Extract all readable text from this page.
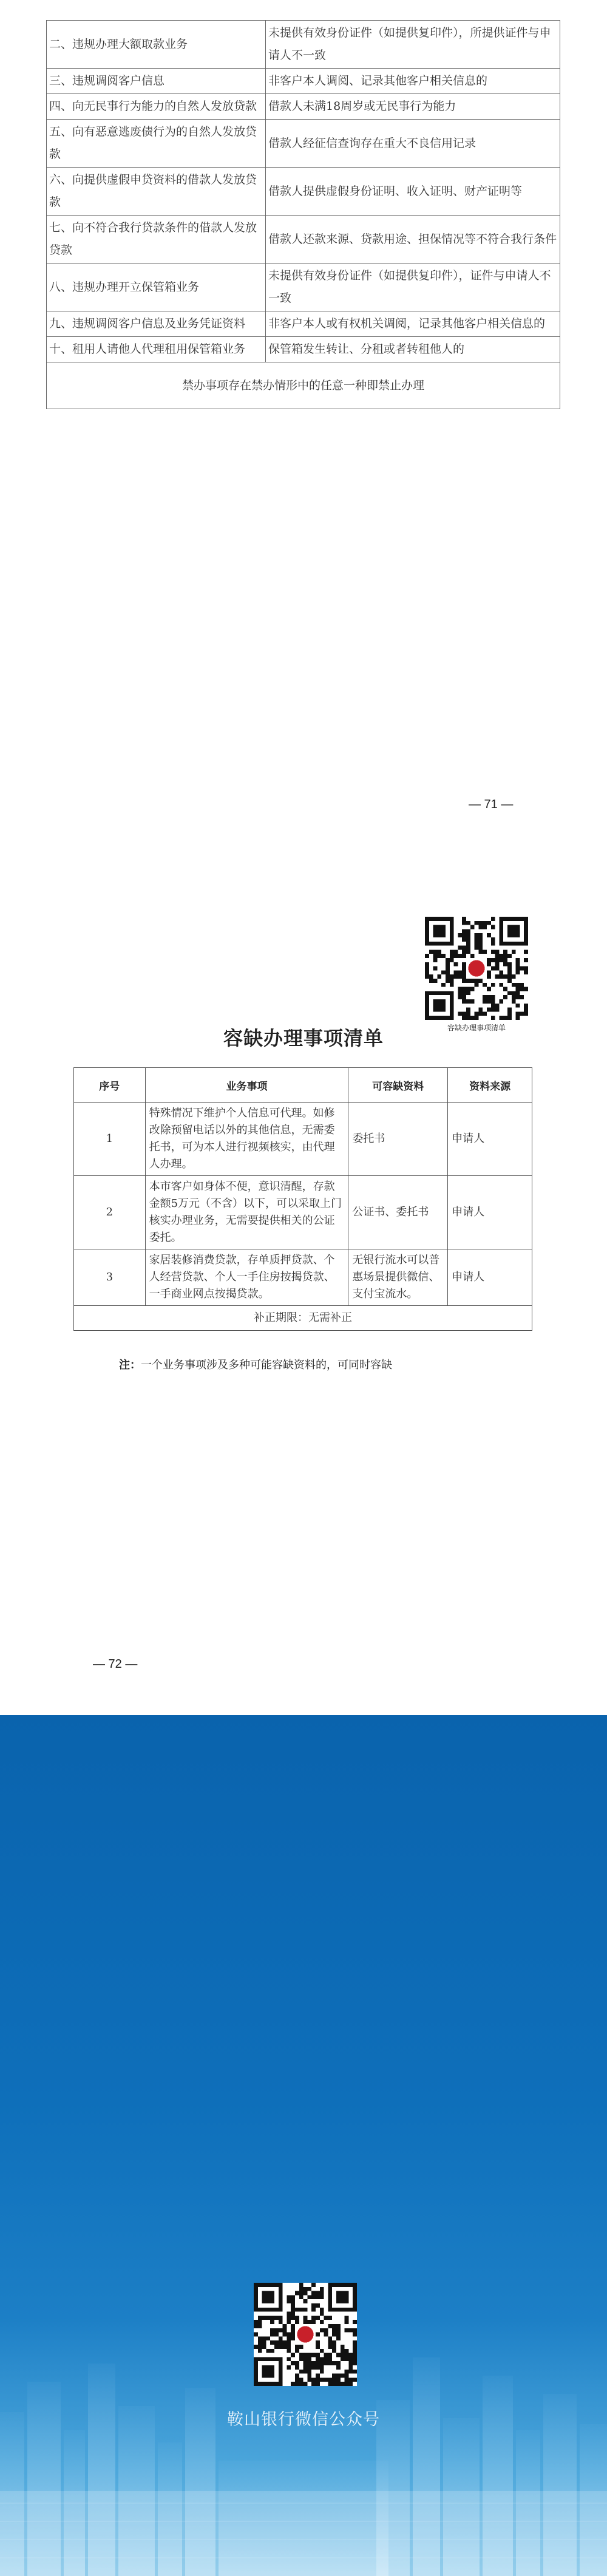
二、违规办理大额取款业务	未提供有效身份证件（如提供复印件），所提供证件与申请人不一致
三、违规调阅客户信息	非客户本人调阅、记录其他客户相关信息的
四、向无民事行为能力的自然人发放贷款	借款人未满18周岁或无民事行为能力
五、向有恶意逃废债行为的自然人发放贷款	借款人经征信查询存在重大不良信用记录
六、向提供虚假申贷资料的借款人发放贷款	借款人提供虚假身份证明、收入证明、财产证明等
七、向不符合我行贷款条件的借款人发放贷款	借款人还款来源、贷款用途、担保情况等不符合我行条件
八、违规办理开立保管箱业务	未提供有效身份证件（如提供复印件），证件与申请人不一致
九、违规调阅客户信息及业务凭证资料	非客户本人或有权机关调阅，记录其他客户相关信息的
十、租用人请他人代理租用保管箱业务	保管箱发生转让、分租或者转租他人的
禁办事项存在禁办情形中的任意一种即禁止办理	
— 71 —
容缺办理事项清单
容缺办理事项清单
序号	业务事项	可容缺资料	资料来源
1	特殊情况下维护个人信息可代理。如修改除预留电话以外的其他信息，无需委托书，可为本人进行视频核实，由代理人办理。	委托书	申请人
2	本市客户如身体不便，意识清醒，存款金额5万元（不含）以下，可以采取上门核实办理业务，无需要提供相关的公证委托。	公证书、委托书	申请人
3	家居装修消费贷款，存单质押贷款、个人经营贷款、个人一手住房按揭贷款、一手商业网点按揭贷款。	无银行流水可以普惠场景提供微信、支付宝流水。	申请人
补正期限：无需补正			
注：一个业务事项涉及多种可能容缺资料的，可同时容缺
— 72 —
鞍山银行微信公众号
